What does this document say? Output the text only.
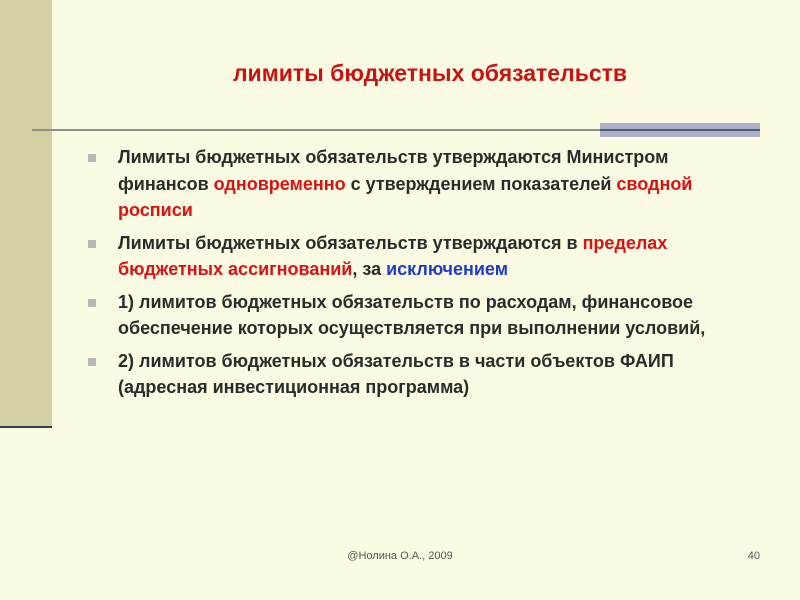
лимиты бюджетных обязательств
Лимиты бюджетных обязательств утверждаются Министром финансов одновременно с утверждением показателей сводной росписи
Лимиты бюджетных обязательств утверждаются в пределах бюджетных ассигнований, за исключением
1) лимитов бюджетных обязательств по расходам, финансовое обеспечение которых осуществляется при выполнении условий,
2) лимитов бюджетных обязательств в части объектов ФАИП (адресная инвестиционная программа)
@Нолина О.А., 2009	40
